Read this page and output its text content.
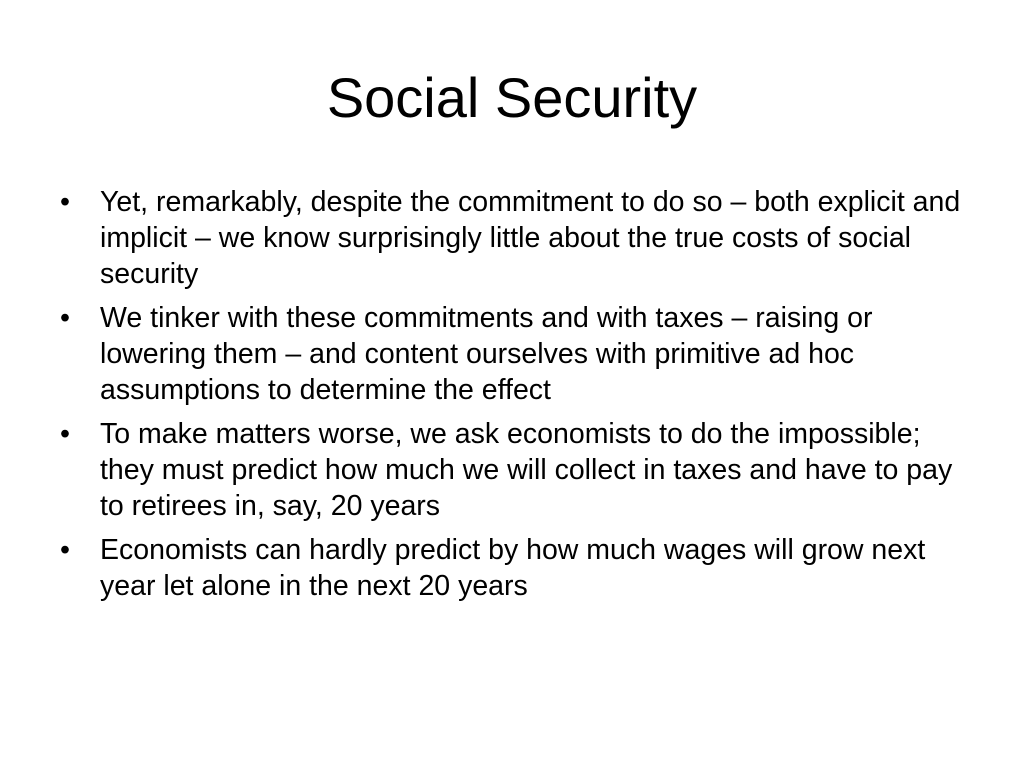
Social Security
•	Yet, remarkably, despite the commitment to do so – both explicit and implicit – we know surprisingly little about the true costs of social security
•	We tinker with these commitments and with taxes – raising or lowering them – and content ourselves with primitive ad hoc assumptions to determine the effect
•	To make matters worse, we ask economists to do the impossible; they must predict how much we will collect in taxes and have to pay to retirees in, say, 20 years
•	Economists can hardly predict by how much wages will grow next year let alone in the next 20 years
